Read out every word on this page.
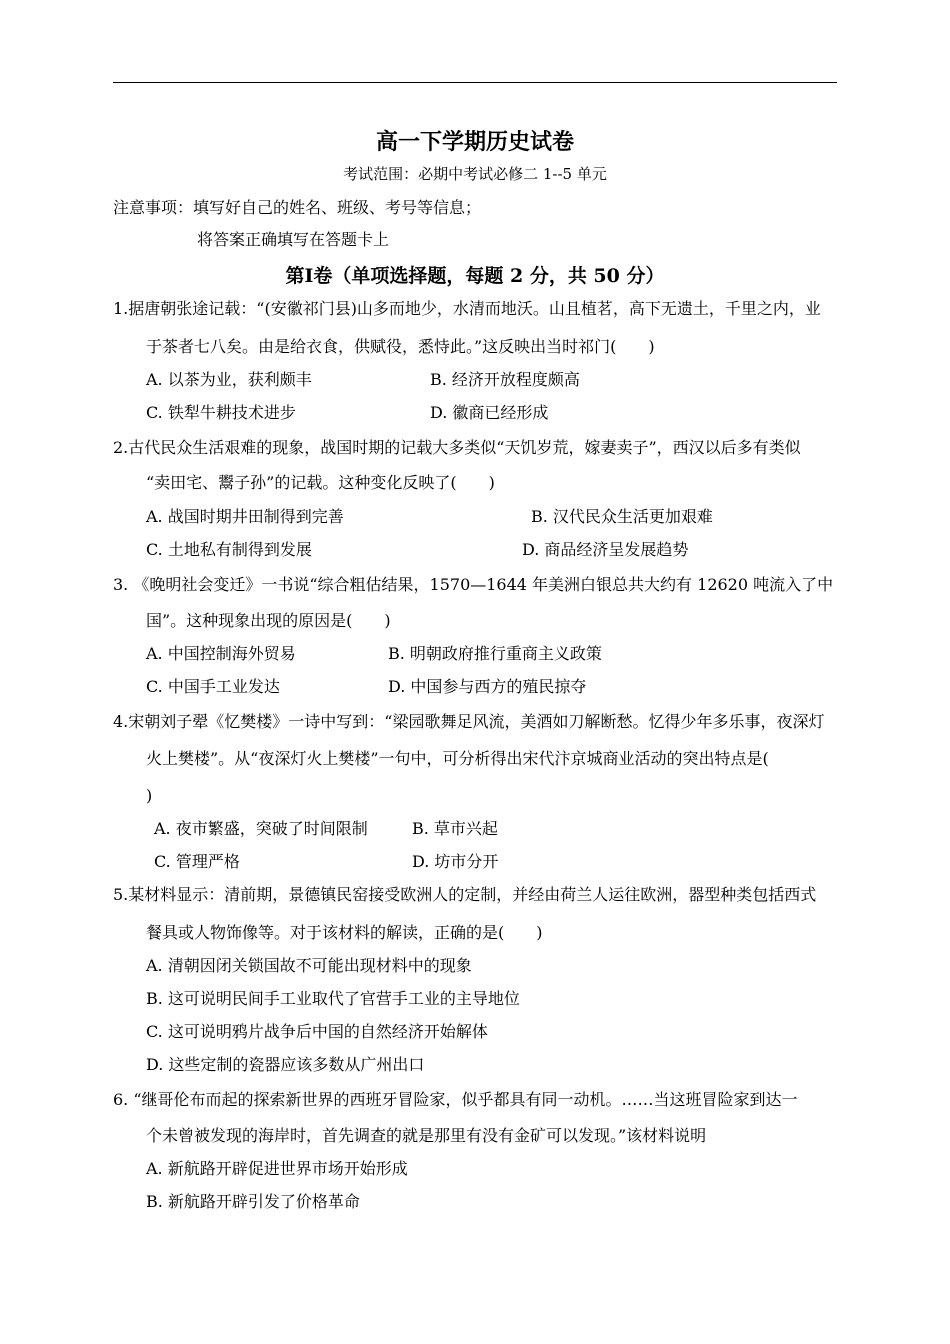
高一下学期历史试卷
考试范围：必期中考试必修二 1--5 单元
注意事项：填写好自己的姓名、班级、考号等信息；
将答案正确填写在答题卡上
第Ⅰ卷（单项选择题，每题 2 分，共 50 分）
1.据唐朝张途记载：“(安徽祁门县)山多而地少，水清而地沃。山且植茗，高下无遗土，千里之内，业
于茶者七八矣。由是给衣食，供赋役，悉恃此。”这反映出当时祁门(　　)
A. 以茶为业，获利颇丰	B. 经济开放程度颇高
C. 铁犁牛耕技术进步	D. 徽商已经形成
2.古代民众生活艰难的现象，战国时期的记载大多类似“天饥岁荒，嫁妻卖子”，西汉以后多有类似
“卖田宅、鬻子孙”的记载。这种变化反映了(　　)
A. 战国时期井田制得到完善	B. 汉代民众生活更加艰难
C. 土地私有制得到发展	D. 商品经济呈发展趋势
3. 《晚明社会变迁》一书说“综合粗估结果，1570—1644 年美洲白银总共大约有 12620 吨流入了中
国”。这种现象出现的原因是(　　)
A. 中国控制海外贸易	B. 明朝政府推行重商主义政策
C. 中国手工业发达	D. 中国参与西方的殖民掠夺
4.宋朝刘子翚《忆樊楼》一诗中写到：“梁园歌舞足风流，美酒如刀解断愁。忆得少年多乐事，夜深灯
火上樊楼”。从“夜深灯火上樊楼”一句中，可分析得出宋代汴京城商业活动的突出特点是(
)
A. 夜市繁盛，突破了时间限制	B. 草市兴起
C. 管理严格	D. 坊市分开
5.某材料显示：清前期，景德镇民窑接受欧洲人的定制，并经由荷兰人运往欧洲，器型种类包括西式
餐具或人物饰像等。对于该材料的解读，正确的是(　　)
A. 清朝因闭关锁国故不可能出现材料中的现象
B. 这可说明民间手工业取代了官营手工业的主导地位
C. 这可说明鸦片战争后中国的自然经济开始解体
D. 这些定制的瓷器应该多数从广州出口
6. “继哥伦布而起的探索新世界的西班牙冒险家，似乎都具有同一动机。……当这班冒险家到达一
个未曾被发现的海岸时，首先调查的就是那里有没有金矿可以发现。”该材料说明
A. 新航路开辟促进世界市场开始形成
B. 新航路开辟引发了价格革命
